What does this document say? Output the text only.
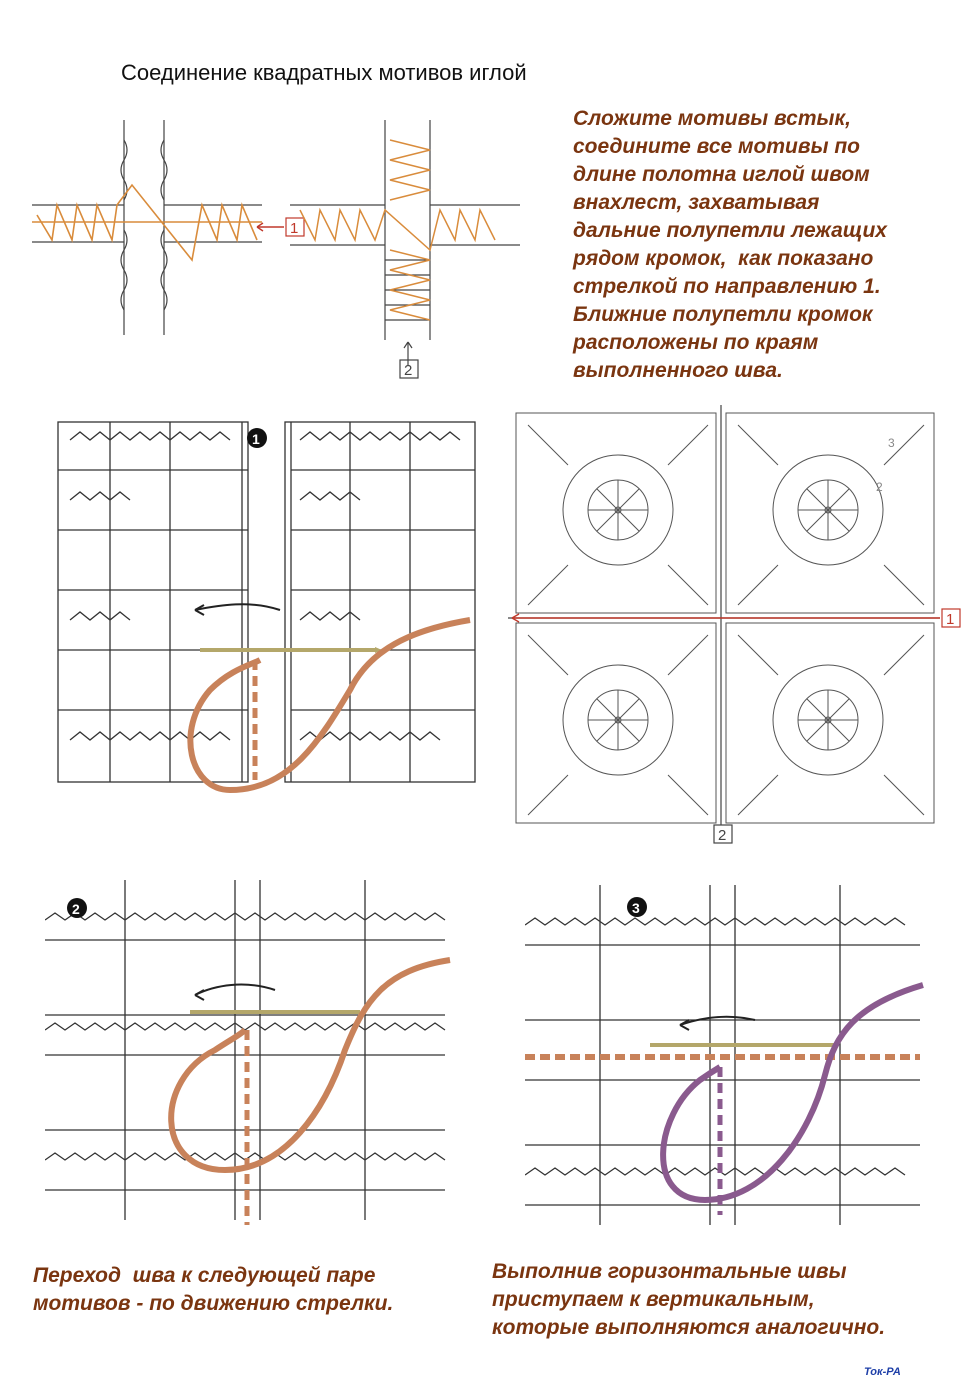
Соединение квадратных мотивов иглой
1
2
Сложите мотивы встык,
соедините все мотивы по
длине полотна иглой швом
внахлест, захватывая
дальние полупетли лежащих
рядом кромок,  как показано
стрелкой по направлению 1.
Ближние полупетли кромок
расположены по краям
выполненного шва.
1
1
2
3
2
2	3
Переход  шва к следующей паре
мотивов - по движению стрелки.
Выполнив горизонтальные швы
приступаем к вертикальным,
которые выполняются аналогично.
Ток-РА
